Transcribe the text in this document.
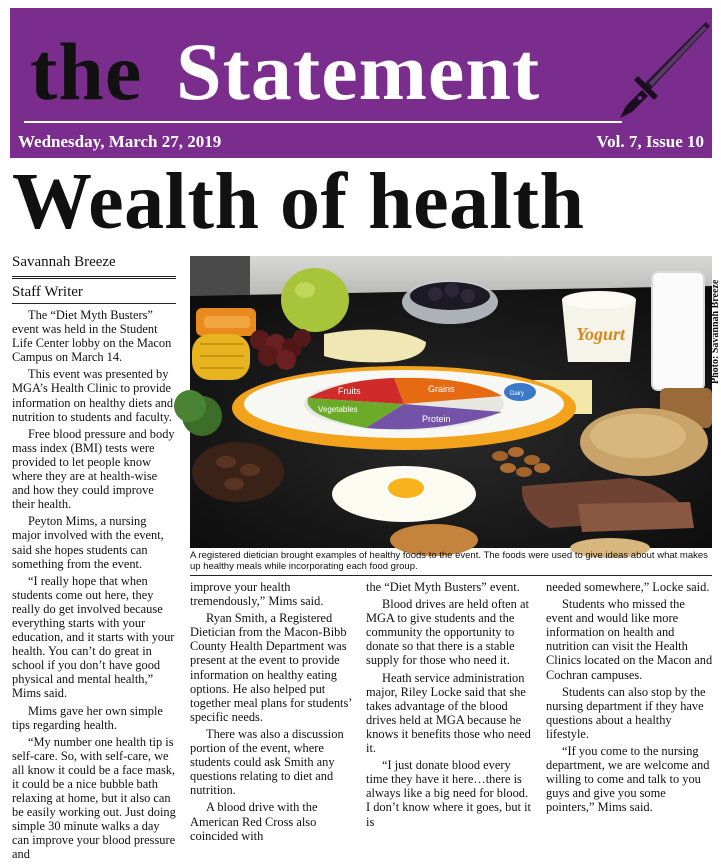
the Statement
Wednesday, March 27, 2019	Vol. 7, Issue 10
Wealth of health
Savannah Breeze
Staff Writer
Yogurt
Fruits	Grains
Vegetables
Protein
Dairy
Photo: Savannah Breeze
A registered dietician brought examples of healthy foods to the event. The foods were used to give ideas about what makes up healthy meals while incorporating each food group.

The “Diet Myth Busters” event was held in the Student Life Center lobby on the Macon Campus on March 14.

This event was presented by MGA’s Health Clinic to provide information on healthy diets and nutrition to students and faculty.

Free blood pressure and body mass index (BMI) tests were provided to let people know where they are at health-wise and how they could improve their health.

Peyton Mims, a nursing major involved with the event, said she hopes students can something from the event.

“I really hope that when students come out here, they really do get involved because everything starts with your education, and it starts with your health. You can’t do great in school if you don’t have good physical and mental health,” Mims said.

Mims gave her own simple tips regarding health.

“My number one health tip is self-care. So, with self-care, we all know it could be a face mask, it could be a nice bubble bath relaxing at home, but it also can be easily working out. Just doing simple 30 minute walks a day can improve your blood pressure and

improve your health tremendously,” Mims said.

Ryan Smith, a Registered Dietician from the Macon-Bibb County Health Department was present at the event to provide information on healthy eating options. He also helped put together meal plans for students’ specific needs.

There was also a discussion portion of the event, where students could ask Smith any questions relating to diet and nutrition.

A blood drive with the American Red Cross also coincided with

the “Diet Myth Busters” event.

Blood drives are held often at MGA to give students and the community the opportunity to donate so that there is a stable supply for those who need it.

Heath service administration major, Riley Locke said that she takes advantage of the blood drives held at MGA because he knows it benefits those who need it.

“I just donate blood every time they have it here…there is always like a big need for blood. I don’t know where it goes, but it is

needed somewhere,” Locke said.

Students who missed the event and would like more information on health and nutrition can visit the Health Clinics located on the Macon and Cochran campuses.

Students can also stop by the nursing department if they have questions about a healthy lifestyle.

“If you come to the nursing department, we are welcome and willing to come and talk to you guys and give you some pointers,” Mims said.
